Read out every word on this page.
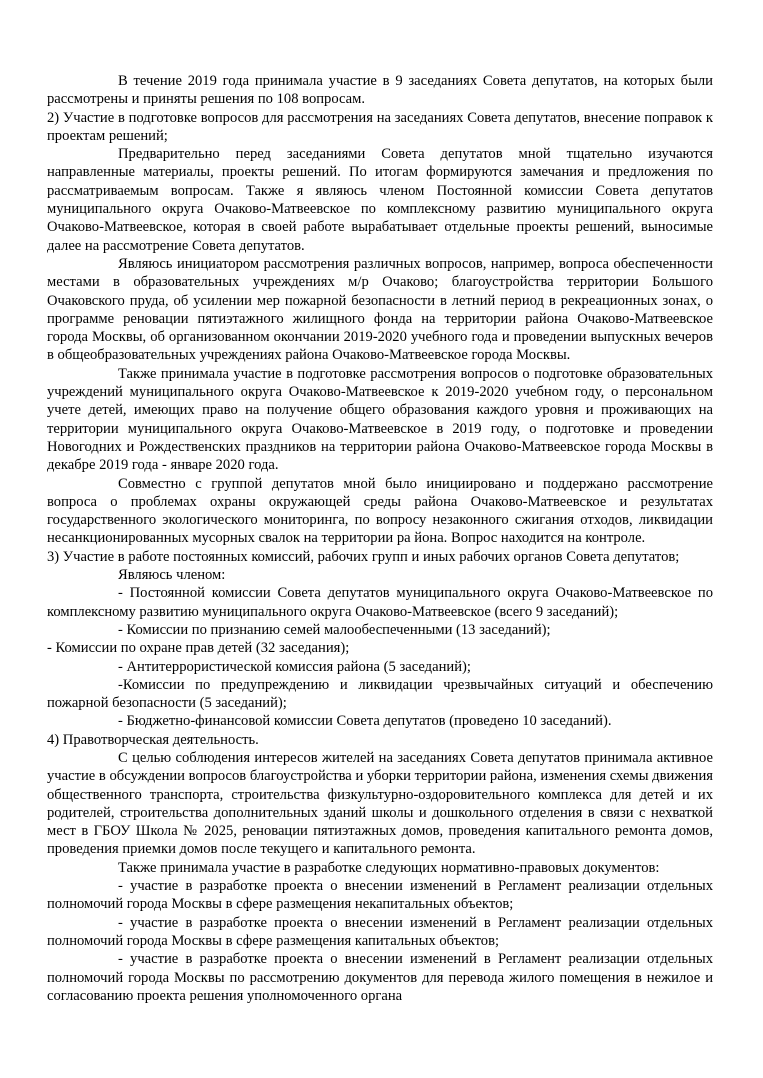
В течение 2019 года принимала участие в 9 заседаниях Совета депутатов, на которых были рассмотрены и приняты решения по 108 вопросам.

2) Участие в подготовке вопросов для рассмотрения на заседаниях Совета депутатов, внесение поправок к проектам решений;

Предварительно перед заседаниями Совета депутатов мной тщательно изучаются направленные материалы, проекты решений. По итогам формируются замечания и предложения по рассматриваемым вопросам. Также я являюсь членом Постоянной комиссии Совета депутатов муниципального округа Очаково-Матвеевское по комплексному развитию муниципального округа Очаково-Матвеевское, которая в своей работе вырабатывает отдельные проекты решений, выносимые далее на рассмотрение Совета депутатов.

Являюсь инициатором рассмотрения различных вопросов, например, вопроса обеспеченности местами в образовательных учреждениях м/р Очаково; благоустройства территории Большого Очаковского пруда, об усилении мер пожарной безопасности в летний период в рекреационных зонах, о программе реновации пятиэтажного жилищного фонда на территории района Очаково-Матвеевское города Москвы, об организованном окончании 2019-2020 учебного года и проведении выпускных вечеров в общеобразовательных учреждениях района Очаково-Матвеевское города Москвы.

Также принимала участие в подготовке рассмотрения вопросов о подготовке образовательных учреждений муниципального округа Очаково-Матвеевское к 2019-2020 учебном году, о персональном учете детей, имеющих право на получение общего образования каждого уровня и проживающих на территории муниципального округа Очаково-Матвеевское в 2019 году, о подготовке и проведении Новогодних и Рождественских праздников на территории района Очаково-Матвеевское города Москвы в декабре 2019 года - январе 2020 года.

Совместно с группой депутатов мной было инициировано и поддержано рассмотрение вопроса о проблемах охраны окружающей среды района Очаково-Матвеевское и результатах государственного экологического мониторинга, по вопросу незаконного сжигания отходов, ликвидации несанкционированных мусорных свалок на территории ра йона. Вопрос находится на контроле.

3) Участие в работе постоянных комиссий, рабочих групп и иных рабочих органов Совета депутатов;

Являюсь членом:

- Постоянной комиссии Совета депутатов муниципального округа Очаково-Матвеевское по комплексному развитию муниципального округа Очаково-Матвеевское (всего 9 заседаний);

- Комиссии по признанию семей малообеспеченными (13 заседаний);

- Комиссии по охране прав детей (32 заседания);

- Антитеррористической комиссия района (5 заседаний);

-Комиссии по предупреждению и ликвидации чрезвычайных ситуаций и обеспечению пожарной безопасности (5 заседаний);

- Бюджетно-финансовой комиссии Совета депутатов (проведено 10 заседаний).

4) Правотворческая деятельность.

С целью соблюдения интересов жителей на заседаниях Совета депутатов принимала активное участие в обсуждении вопросов благоустройства и уборки территории района, изменения схемы движения общественного транспорта, строительства физкультурно-оздоровительного комплекса для детей и их родителей, строительства дополнительных зданий школы и дошкольного отделения в связи с нехваткой мест в ГБОУ Школа № 2025, реновации пятиэтажных домов, проведения капитального ремонта домов, проведения приемки домов после текущего и капитального ремонта.

Также принимала участие в разработке следующих нормативно-правовых документов:

- участие в разработке проекта о внесении изменений в Регламент реализации отдельных полномочий города Москвы в сфере размещения некапитальных объектов;

- участие в разработке проекта о внесении изменений в Регламент реализации отдельных полномочий города Москвы в сфере размещения капитальных объектов;

- участие в разработке проекта о внесении изменений в Регламент реализации отдельных полномочий города Москвы по рассмотрению документов для перевода жилого помещения в нежилое и согласованию проекта решения уполномоченного органа
